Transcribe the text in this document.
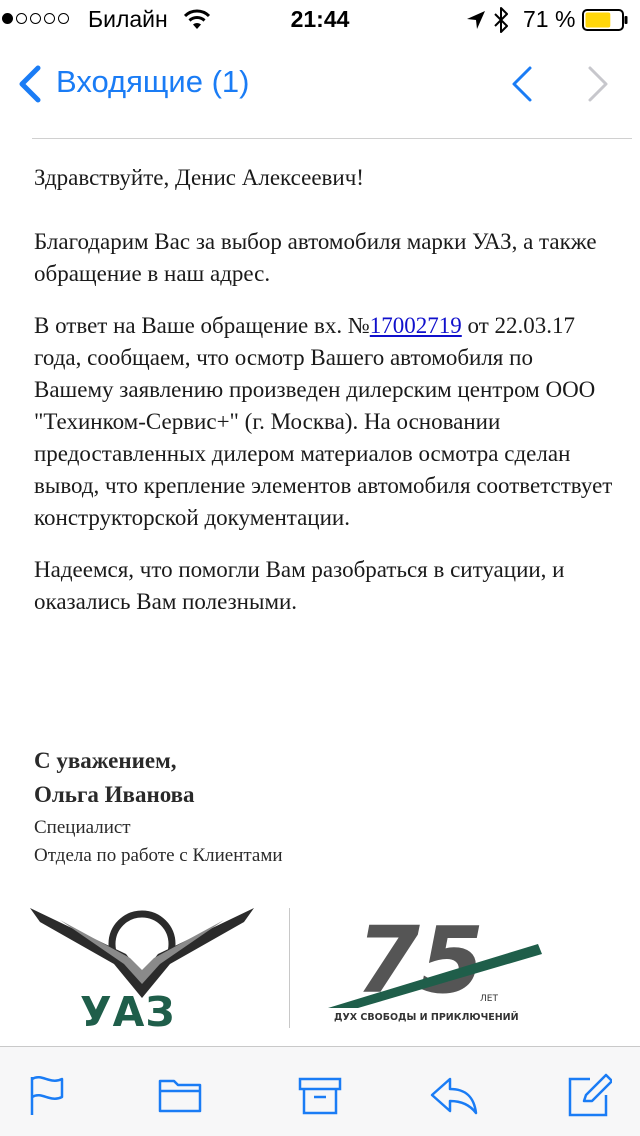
Билайн	21:44	71 %
Входящие (1)

Здравствуйте, Денис Алексеевич!

Благодарим Вас за выбор автомобиля марки УАЗ, а также обращение в наш адрес.

В ответ на Ваше обращение вх. №17002719 от 22.03.17 года, сообщаем, что осмотр Вашего автомобиля по Вашему заявлению произведен дилерским центром ООО "Техинком-Сервис+" (г. Москва). На основании предоставленных дилером материалов осмотра сделан вывод, что крепление элементов автомобиля соответствует конструкторской документации.

Надеемся, что помогли Вам разобраться в ситуации, и оказались Вам полезными.

С уважением,
Ольга Иванова
Специалист
Отдела по работе с Клиентами
УАЗ 75
ЛЕТ
ДУХ СВОБОДЫ И ПРИКЛЮЧЕНИЙ
